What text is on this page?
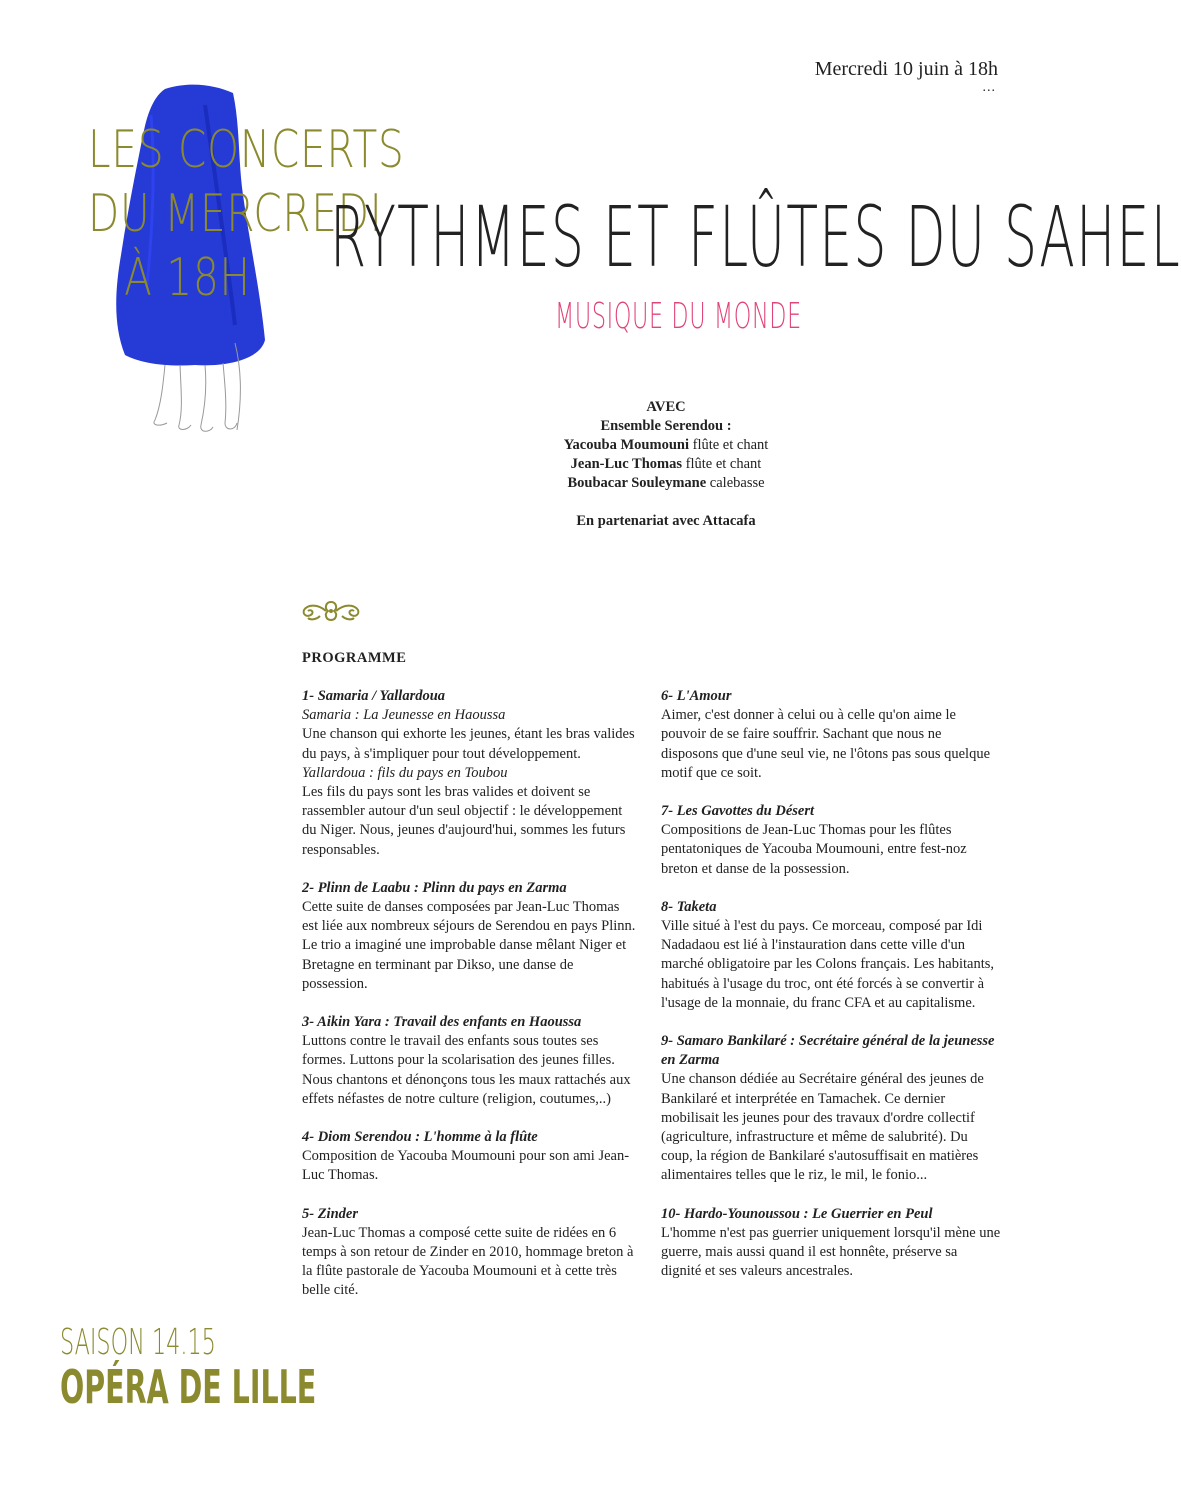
Mercredi 10 juin à 18h
...
LES CONCERTS
DU MERCREDI
À 18H RYTHMES ET FLÛTES DU SAHEL
MUSIQUE DU MONDE
AVEC
Ensemble Serendou :
Yacouba Moumouni flûte et chant
Jean-Luc Thomas flûte et chant
Boubacar Souleymane calebasse
En partenariat avec Attacafa
PROGRAMME
1- Samaria / Yallardoua
Samaria : La Jeunesse en Haoussa
Une chanson qui exhorte les jeunes, étant les bras valides du pays, à s'impliquer pour tout développement.
Yallardoua : fils du pays en Toubou
Les fils du pays sont les bras valides et doivent se rassembler autour d'un seul objectif : le développement du Niger. Nous, jeunes d'aujourd'hui, sommes les futurs responsables.
2- Plinn de Laabu : Plinn du pays en Zarma
Cette suite de danses composées par Jean-Luc Thomas est liée aux nombreux séjours de Serendou en pays Plinn. Le trio a imaginé une improbable danse mêlant Niger et Bretagne en terminant par Dikso, une danse de possession.
3- Aikin Yara : Travail des enfants en Haoussa
Luttons contre le travail des enfants sous toutes ses formes. Luttons pour la scolarisation des jeunes filles. Nous chantons et dénonçons tous les maux rattachés aux effets néfastes de notre culture (religion, coutumes,..)
4- Diom Serendou : L'homme à la flûte
Composition de Yacouba Moumouni pour son ami Jean-Luc Thomas.
5- Zinder
Jean-Luc Thomas a composé cette suite de ridées en 6 temps à son retour de Zinder en 2010, hommage breton à la flûte pastorale de Yacouba Moumouni et à cette très belle cité.
6- L'Amour
Aimer, c'est donner à celui ou à celle qu'on aime le pouvoir de se faire souffrir. Sachant que nous ne disposons que d'une seul vie, ne l'ôtons pas sous quelque motif que ce soit.
7- Les Gavottes du Désert
Compositions de Jean-Luc Thomas pour les flûtes pentatoniques de Yacouba Moumouni, entre fest-noz breton et danse de la possession.
8- Taketa
Ville situé à l'est du pays. Ce morceau, composé par Idi Nadadaou est lié à l'instauration dans cette ville d'un marché obligatoire par les Colons français. Les habitants, habitués à l'usage du troc, ont été forcés à se convertir à l'usage de la monnaie, du franc CFA et au capitalisme.
9- Samaro Bankilaré : Secrétaire général de la jeunesse en Zarma
Une chanson dédiée au Secrétaire général des jeunes de Bankilaré et interprétée en Tamachek. Ce dernier mobilisait les jeunes pour des travaux d'ordre collectif (agriculture, infrastructure et même de salubrité). Du coup, la région de Bankilaré s'autosuffisait en matières alimentaires telles que le riz, le mil, le fonio...
10- Hardo-Younoussou : Le Guerrier en Peul
L'homme n'est pas guerrier uniquement lorsqu'il mène une guerre, mais aussi quand il est honnête, préserve sa dignité et ses valeurs ancestrales.
SAISON 14.15
OPÉRA DE LILLE
